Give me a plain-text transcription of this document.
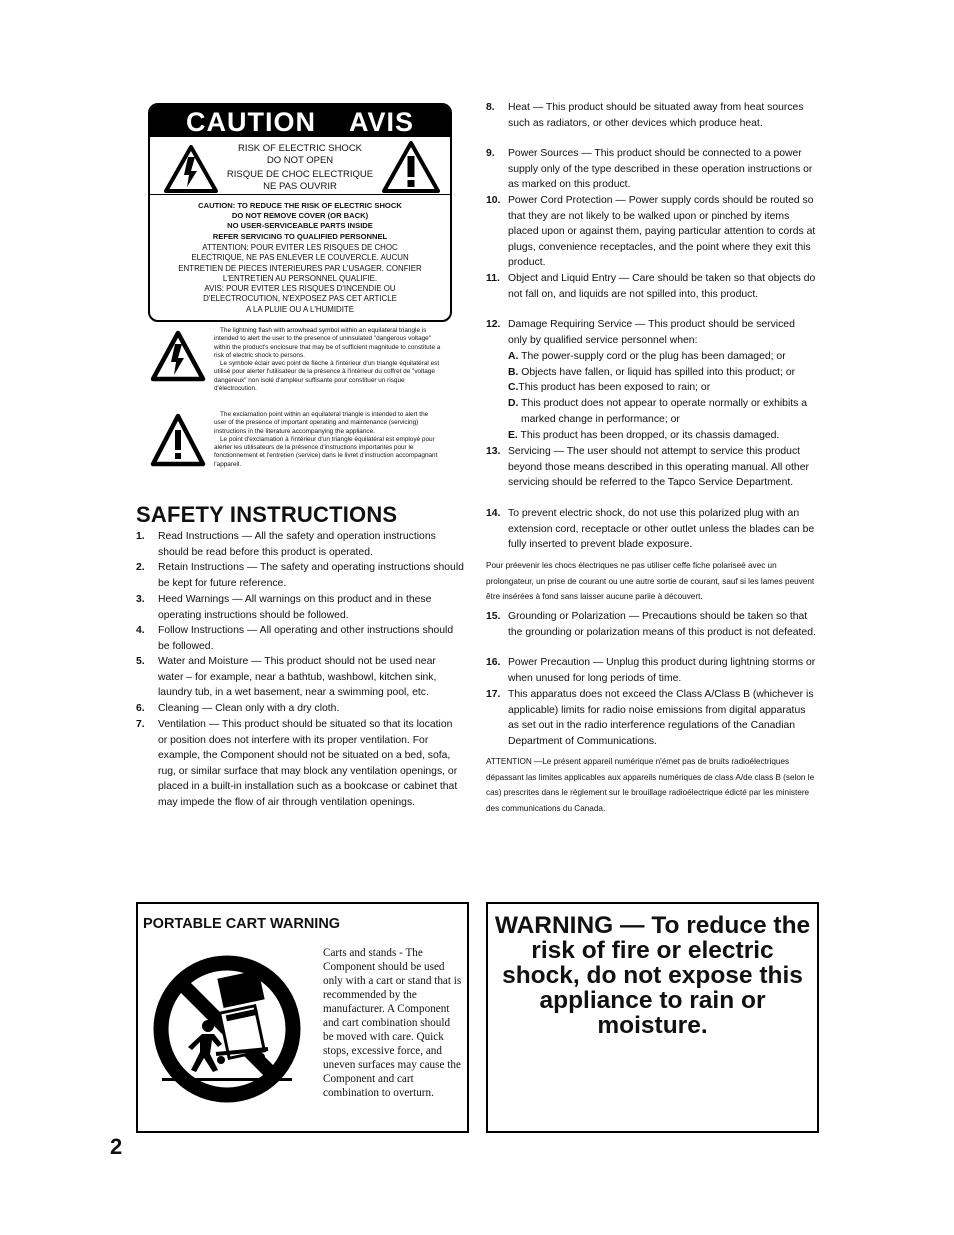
CAUTION    AVIS
RISK OF ELECTRIC SHOCK
DO NOT OPEN
RISQUE DE CHOC ELECTRIQUE
NE PAS OUVRIR
CAUTION: TO REDUCE THE RISK OF ELECTRIC SHOCK
DO NOT REMOVE COVER (OR BACK)
NO USER-SERVICEABLE PARTS INSIDE
REFER SERVICING TO QUALIFIED PERSONNEL
ATTENTION: POUR EVITER LES RISQUES DE CHOC
ELECTRIQUE, NE PAS ENLEVER LE COUVERCLE. AUCUN
ENTRETIEN DE PIECES INTERIEURES PAR L'USAGER. CONFIER
L'ENTRETIEN AU PERSONNEL QUALIFIE.
AVIS: POUR EVITER LES RISQUES D'INCENDIE OU
D'ELECTROCUTION, N'EXPOSEZ PAS CET ARTICLE
A LA PLUIE OU A L'HUMIDITE
The lightning flash with arrowhead symbol within an equilateral triangle is intended to alert the user to the presence of uninsulated "dangerous voltage" within the product's enclosure that may be of sufficient magnitude to constitute a risk of electric shock to persons.
Le symbole éclair avec point de flèche à l'intérieur d'un triangle équilatéral est utilisé pour alerter l'utilisateur de la présence à l'intérieur du coffret de "voltage dangereux" non isolé d'ampleur suffisante pour constituer un risque d'électrocution.
The exclamation point within an equilateral triangle is intended to alert the user of the presence of important operating and maintenance (servicing) instructions in the literature accompanying the appliance.
Le point d'exclamation à l'intérieur d'un triangle équilatéral est employé pour alerter les utilisateurs de la présence d'instructions importantes pour le fonctionnement et l'entretien (service) dans le livret d'instruction accompagnant l'appareil.
SAFETY INSTRUCTIONS
1.	Read Instructions — All the safety and operation instructions should be read before this product is operated.
2.	Retain Instructions — The safety and operating instructions should be kept for future reference.
3.	Heed Warnings — All warnings on this product and in these operating instructions should be followed.
4.	Follow Instructions — All operating and other instructions should be followed.
5.	Water and Moisture — This product should not be used near water – for example, near a bathtub, washbowl, kitchen sink, laundry tub, in a wet basement, near a swimming pool, etc.
6.	Cleaning — Clean only with a dry cloth.
7.	Ventilation — This product should be situated so that its location or position does not interfere with its proper ventilation. For example, the Component should not be situated on a bed, sofa, rug, or similar surface that may block any ventilation openings, or placed in a built-in installation such as a bookcase or cabinet that may impede the flow of air through ventilation openings.
8.	Heat — This product should be situated away from heat sources such as radiators, or other devices which produce heat.
9.	Power Sources — This product should be connected to a power supply only of the type described in these operation instructions or as marked on this product.
10. Power Cord Protection — Power supply cords should be routed so that they are not likely to be walked upon or pinched by items placed upon or against them, paying particular attention to cords at plugs, convenience receptacles, and the point where they exit this product.
11. Object and Liquid Entry — Care should be taken so that objects do not fall on, and liquids are not spilled into, this product.
12. Damage Requiring Service — This product should be serviced only by qualified service personnel when:
A. The power-supply cord or the plug has been damaged; or
B. Objects have fallen, or liquid has spilled into this product; or
C.This product has been exposed to rain; or
D. This product does not appear to operate normally or exhibits a marked change in performance; or
E. This product has been dropped, or its chassis damaged.
13. Servicing — The user should not attempt to service this product beyond those means described in this operating manual. All other servicing should be referred to the Tapco Service Department.
14. To prevent electric shock, do not use this polarized plug with an extension cord, receptacle or other outlet unless the blades can be fully inserted to prevent blade exposure.
Pour préevenir les chocs électriques ne pas utiliser ceffe fiche polariseé avec un prolongateur, un prise de courant ou une autre sortie de courant, sauf si les lames peuvent être insérées à fond sans laisser aucune pariie à découvert.
15. Grounding or Polarization — Precautions should be taken so that the grounding or polarization means of this product is not defeated.
16. Power Precaution — Unplug this product during lightning storms or when unused for long periods of time.
17. This apparatus does not exceed the Class A/Class B (whichever is applicable) limits for radio noise emissions from digital apparatus as set out in the radio interference regulations of the Canadian Department of Communications.
ATTENTION —Le présent appareil numérique n'émet pas de bruits radioélectriques dépassant las limites applicables aux appareils numériques de class A/de class B (selon le cas) prescrites dans le règlement sur le brouillage radioélectrique édicté par les ministere des communications du Canada.
PORTABLE CART WARNING
Carts and stands - The Component should be used only with a cart or stand that is recommended by the manufacturer. A Component and cart combination should be moved with care. Quick stops, excessive force, and uneven surfaces may cause the Component and cart combination to overturn.
WARNING — To reduce the risk of fire or electric shock, do not expose this appliance to rain or moisture.
2
